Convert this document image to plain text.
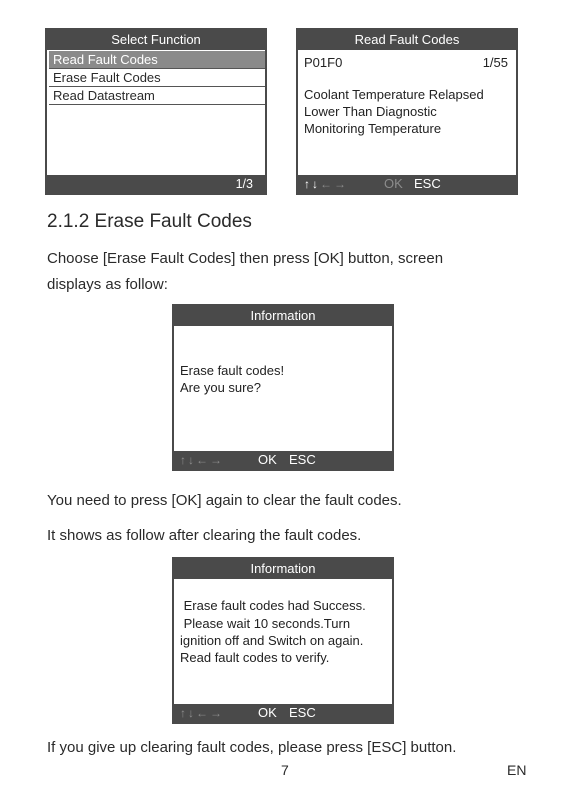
Select Function
Read Fault Codes
Erase Fault Codes
Read Datastream
1/3
Read Fault Codes
P01F0	1/55
Coolant Temperature Relapsed
Lower Than Diagnostic
Monitoring Temperature
↑↓←→	OK ESC
2.1.2 Erase Fault Codes
Choose [Erase Fault Codes] then press [OK] button, screen
displays as follow:
Information
Erase fault codes!
Are you sure?
↑↓←→	OK ESC
You need to press [OK] again to clear the fault codes.
It shows as follow after clearing the fault codes.
Information
Erase fault codes had Success.
Please wait 10 seconds.Turn
ignition off and Switch on again.
Read fault codes to verify.
↑↓←→	OK ESC
If you give up clearing fault codes, please press [ESC] button.
7	EN
